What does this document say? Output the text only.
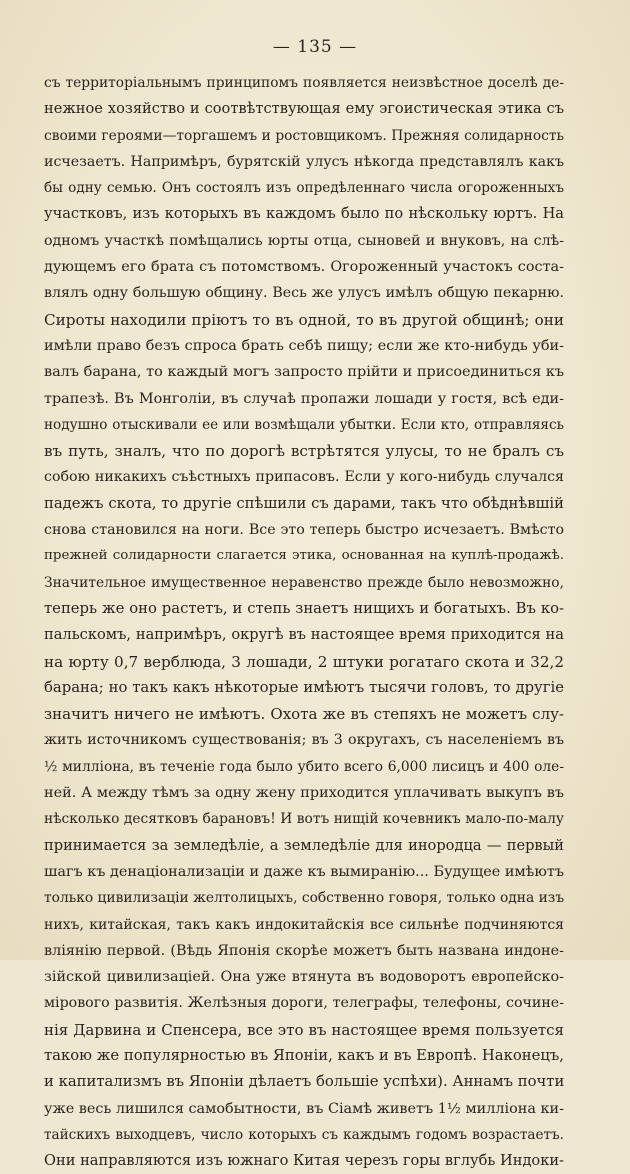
— 135 —
съ территоріальнымъ принципомъ появляется неизвѣстное доселѣ де-
нежное хозяйство и соотвѣтствующая ему эгоистическая этика съ
своими героями—торгашемъ и ростовщикомъ. Прежняя солидарность
исчезаетъ. Напримѣръ, бурятскій улусъ нѣкогда представлялъ какъ
бы одну семью. Онъ состоялъ изъ опредѣленнаго числа огороженныхъ
участковъ, изъ которыхъ въ каждомъ было по нѣскольку юртъ. На
одномъ участкѣ помѣщались юрты отца, сыновей и внуковъ, на слѣ-
дующемъ его брата съ потомствомъ. Огороженный участокъ соста-
влялъ одну большую общину. Весь же улусъ имѣлъ общую пекарню.
Сироты находили пріютъ то въ одной, то въ другой общинѣ; они
имѣли право безъ спроса брать себѣ пищу; если же кто-нибудь уби-
валъ барана, то каждый могъ запросто прійти и присоединиться къ
трапезѣ. Въ Монголіи, въ случаѣ пропажи лошади у гостя, всѣ еди-
нодушно отыскивали ее или возмѣщали убытки. Если кто, отправляясь
въ путь, зналъ, что по дорогѣ встрѣтятся улусы, то не бралъ съ
собою никакихъ съѣстныхъ припасовъ. Если у кого-нибудь случался
падежъ скота, то другіе спѣшили съ дарами, такъ что обѣднѣвшій
снова становился на ноги. Все это теперь быстро исчезаетъ. Вмѣсто
прежней солидарности слагается этика, основанная на куплѣ-продажѣ.
Значительное имущественное неравенство прежде было невозможно,
теперь же оно растетъ, и степь знаетъ нищихъ и богатыхъ. Въ ко-
пальскомъ, напримѣръ, округѣ въ настоящее время приходится на
на юрту 0,7 верблюда, 3 лошади, 2 штуки рогатаго скота и 32,2
барана; но такъ какъ нѣкоторые имѣютъ тысячи головъ, то другіе
значитъ ничего не имѣютъ. Охота же въ степяхъ не можетъ слу-
жить источникомъ существованія; въ 3 округахъ, съ населеніемъ въ
½ милліона, въ теченіе года было убито всего 6,000 лисицъ и 400 оле-
ней. А между тѣмъ за одну жену приходится уплачивать выкупъ въ
нѣсколько десятковъ барановъ! И вотъ нищій кочевникъ мало-по-малу
принимается за земледѣліе, а земледѣліе для инородца — первый
шагъ къ денаціонализаціи и даже къ вымиранію... Будущее имѣютъ
только цивилизаціи желтолицыхъ, собственно говоря, только одна изъ
нихъ, китайская, такъ какъ индокитайскія все сильнѣе подчиняются
вліянію первой. (Вѣдь Японія скорѣе можетъ быть названа индоне-
зійской цивилизаціей. Она уже втянута въ водоворотъ европейско-
мірового развитія. Желѣзныя дороги, телеграфы, телефоны, сочине-
нія Дарвина и Спенсера, все это въ настоящее время пользуется
такою же популярностью въ Японіи, какъ и въ Европѣ. Наконецъ,
и капитализмъ въ Японіи дѣлаетъ большіе успѣхи). Аннамъ почти
уже весь лишился самобытности, въ Сіамѣ живетъ 1½ милліона ки-
тайскихъ выходцевъ, число которыхъ съ каждымъ годомъ возрастаетъ.
Они направляются изъ южнаго Китая черезъ горы вглубь Индоки-
